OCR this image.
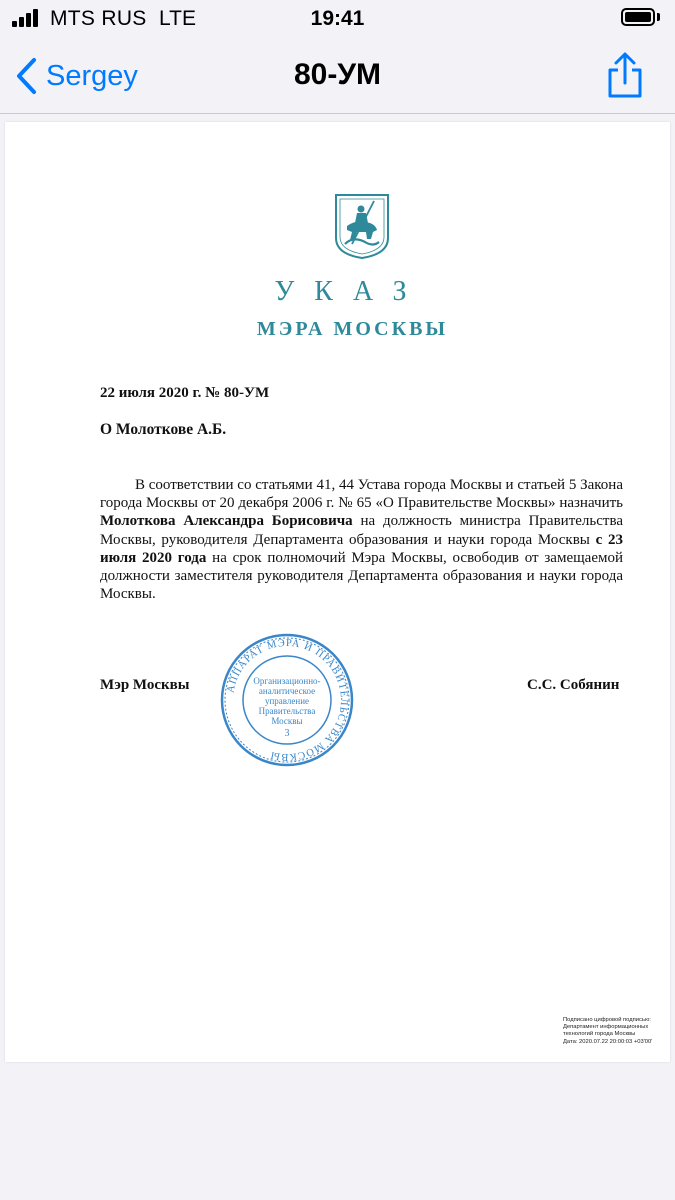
MTS RUS LTE	19:41
Sergey	80-УМ
УКАЗ
МЭРА МОСКВЫ
22 июля 2020 г. № 80-УМ
О Молоткове А.Б.

В соответствии со статьями 41, 44 Устава города Москвы и статьей 5 Закона города Москвы от 20 декабря 2006 г. № 65 «О Правительстве Москвы» назначить Молоткова Александра Борисовича на должность министра Правительства Москвы, руководителя Департамента образования и науки города Москвы с 23 июля 2020 года на срок полномочий Мэра Москвы, освободив от замещаемой должности заместителя руководителя Департамента образования и науки города Москвы.

АППАРАТ МЭРА И ПРАВИТЕЛЬСТВА МОСКВЫ
Организационно-
аналитическое
управление
Правительства
Москвы
3
Мэр Москвы	С.С. Собянин
Подписано цифровой подписью:
Департамент информационных
технологий города Москвы
Дата: 2020.07.22 20:00:03 +03'00'
